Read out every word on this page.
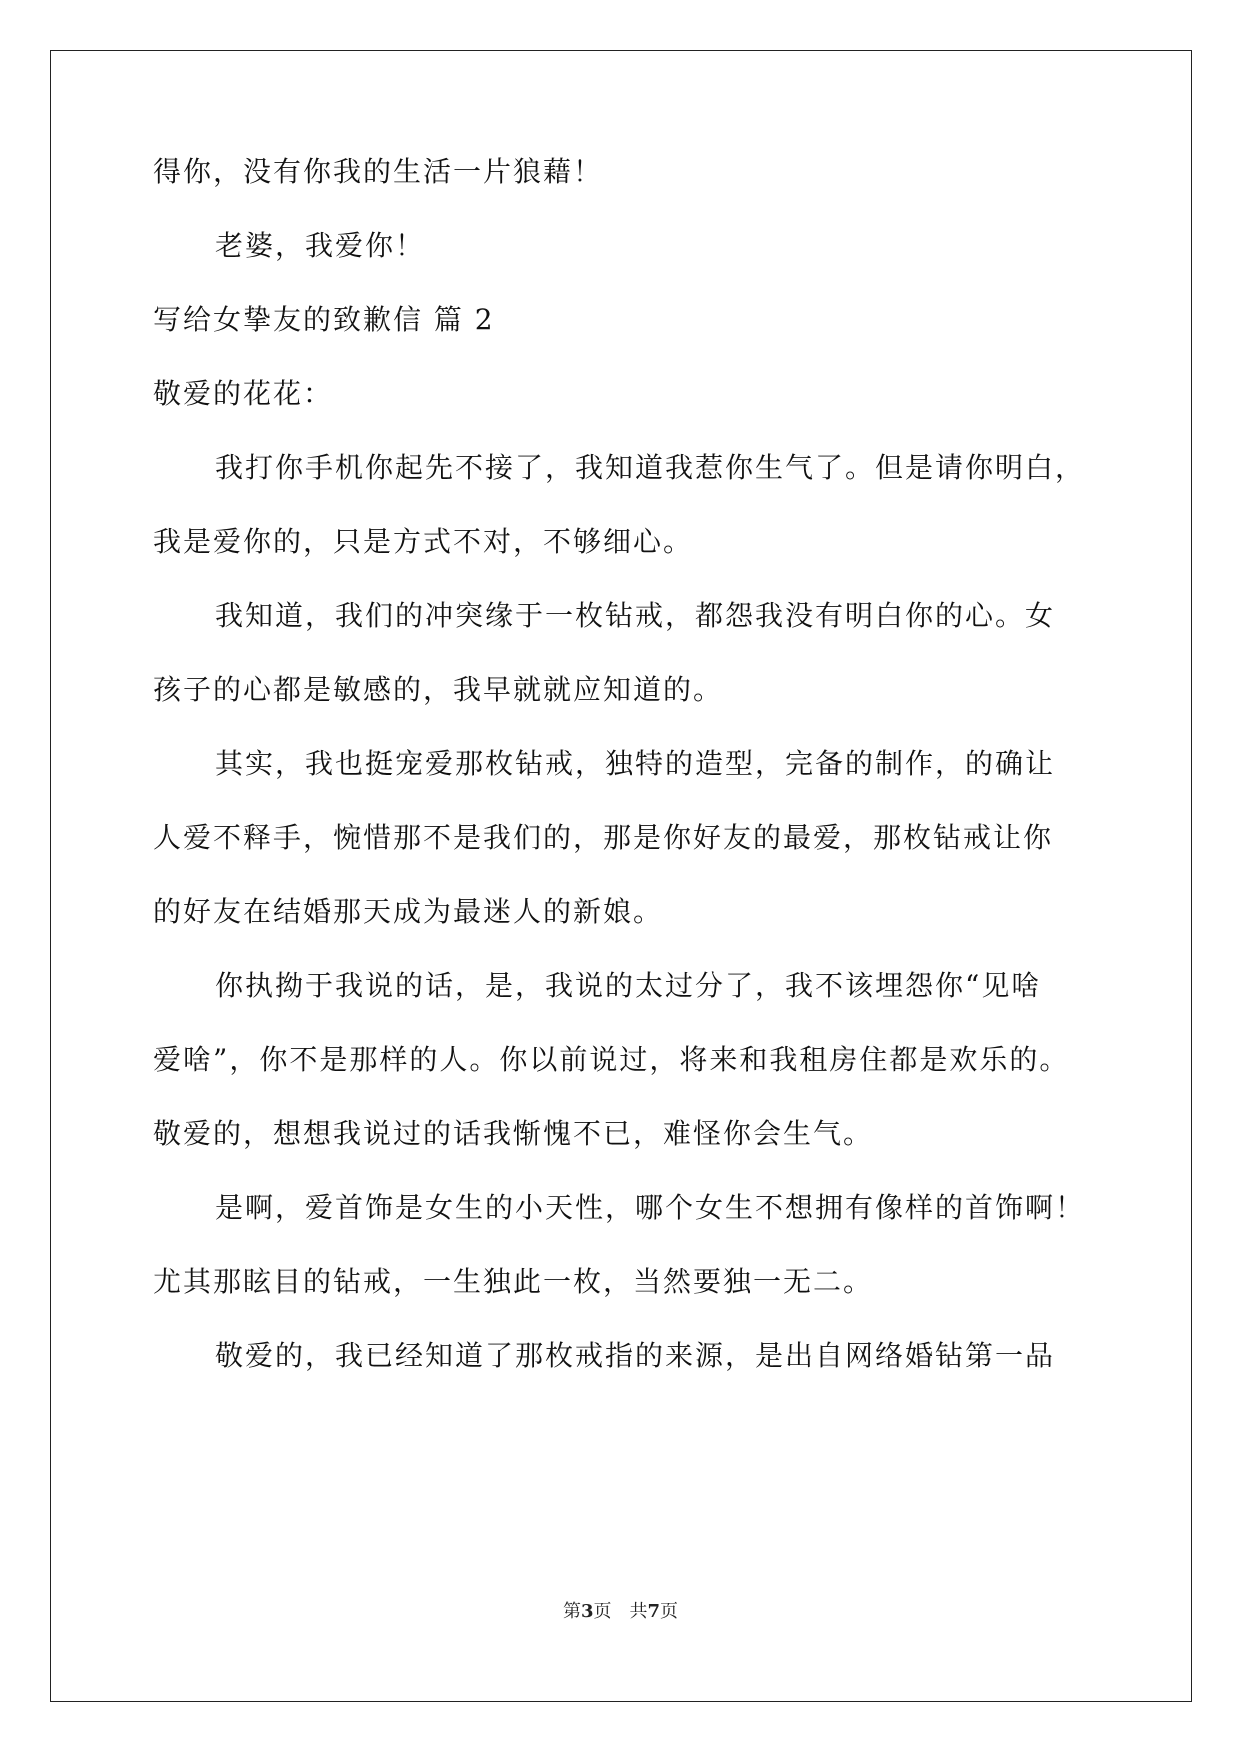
得你，没有你我的生活一片狼藉！

老婆，我爱你！

写给女挚友的致歉信 篇 2

敬爱的花花：

我打你手机你起先不接了，我知道我惹你生气了。但是请你明白，

我是爱你的，只是方式不对，不够细心。

我知道，我们的冲突缘于一枚钻戒，都怨我没有明白你的心。女

孩子的心都是敏感的，我早就就应知道的。

其实，我也挺宠爱那枚钻戒，独特的造型，完备的制作，的确让

人爱不释手，惋惜那不是我们的，那是你好友的最爱，那枚钻戒让你

的好友在结婚那天成为最迷人的新娘。

你执拗于我说的话，是，我说的太过分了，我不该埋怨你“见啥

爱啥”，你不是那样的人。你以前说过，将来和我租房住都是欢乐的。

敬爱的，想想我说过的话我惭愧不已，难怪你会生气。

是啊，爱首饰是女生的小天性，哪个女生不想拥有像样的首饰啊！

尤其那眩目的钻戒，一生独此一枚，当然要独一无二。

敬爱的，我已经知道了那枚戒指的来源，是出自网络婚钻第一品

第3页 共7页
